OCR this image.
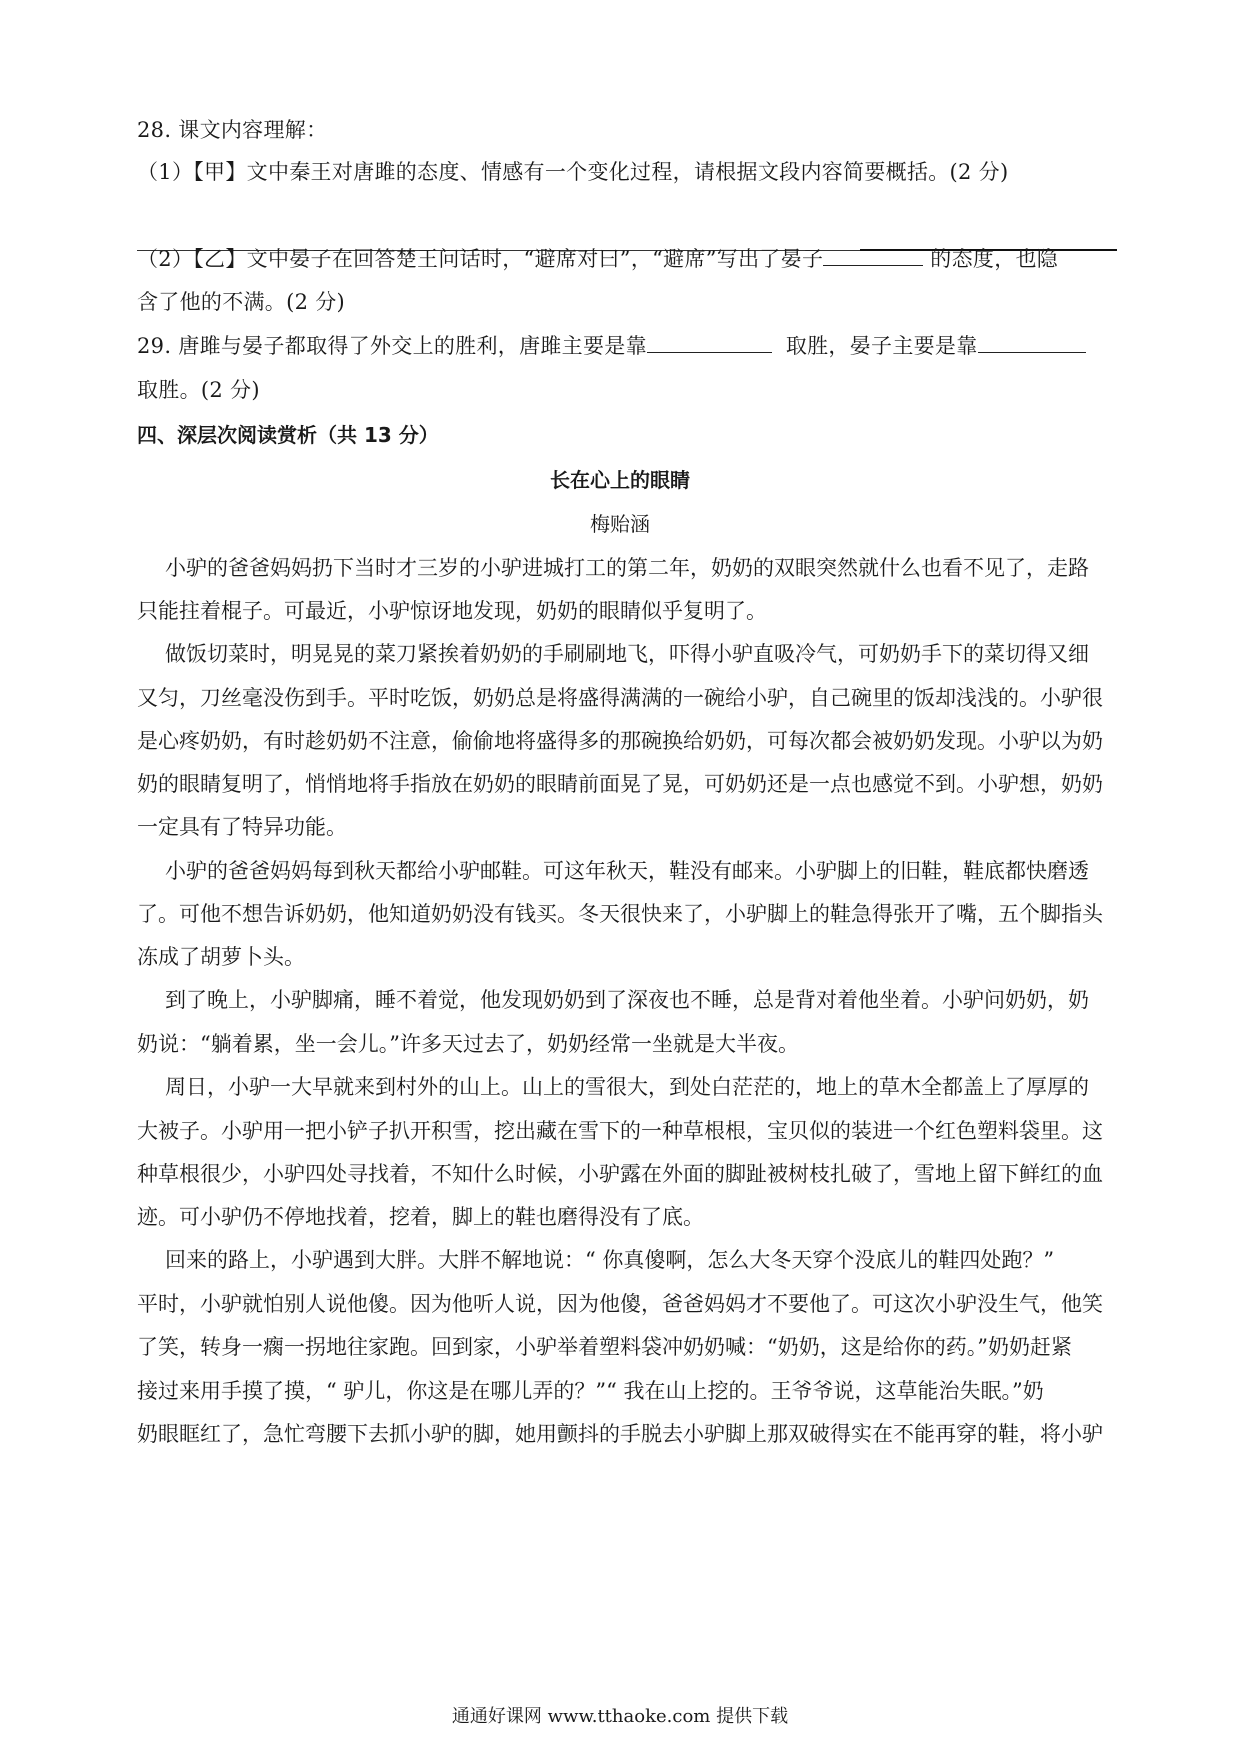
28. 课文内容理解：
（1）【甲】文中秦王对唐雎的态度、情感有一个变化过程，请根据文段内容简要概括。(2 分)
（2）【乙】文中晏子在回答楚王问话时，“避席对曰”，“避席”写出了晏子	的态度，也隐
含了他的不满。(2 分)
29. 唐雎与晏子都取得了外交上的胜利，唐雎主要是靠	取胜，晏子主要是靠
取胜。(2 分)
四、深层次阅读赏析（共 13 分）
长在心上的眼睛
梅贻涵
小驴的爸爸妈妈扔下当时才三岁的小驴进城打工的第二年，奶奶的双眼突然就什么也看不见了，走路
只能拄着棍子。可最近，小驴惊讶地发现，奶奶的眼睛似乎复明了。
做饭切菜时，明晃晃的菜刀紧挨着奶奶的手刷刷地飞，吓得小驴直吸冷气，可奶奶手下的菜切得又细
又匀，刀丝毫没伤到手。平时吃饭，奶奶总是将盛得满满的一碗给小驴，自己碗里的饭却浅浅的。小驴很
是心疼奶奶，有时趁奶奶不注意，偷偷地将盛得多的那碗换给奶奶，可每次都会被奶奶发现。小驴以为奶
奶的眼睛复明了，悄悄地将手指放在奶奶的眼睛前面晃了晃，可奶奶还是一点也感觉不到。小驴想，奶奶
一定具有了特异功能。
小驴的爸爸妈妈每到秋天都给小驴邮鞋。可这年秋天，鞋没有邮来。小驴脚上的旧鞋，鞋底都快磨透
了。可他不想告诉奶奶，他知道奶奶没有钱买。冬天很快来了，小驴脚上的鞋急得张开了嘴，五个脚指头
冻成了胡萝卜头。
到了晚上，小驴脚痛，睡不着觉，他发现奶奶到了深夜也不睡，总是背对着他坐着。小驴问奶奶，奶
奶说：“躺着累，坐一会儿。”许多天过去了，奶奶经常一坐就是大半夜。
周日，小驴一大早就来到村外的山上。山上的雪很大，到处白茫茫的，地上的草木全都盖上了厚厚的
大被子。小驴用一把小铲子扒开积雪，挖出藏在雪下的一种草根根，宝贝似的装进一个红色塑料袋里。这
种草根很少，小驴四处寻找着，不知什么时候，小驴露在外面的脚趾被树枝扎破了，雪地上留下鲜红的血
迹。可小驴仍不停地找着，挖着，脚上的鞋也磨得没有了底。
回来的路上，小驴遇到大胖。大胖不解地说：“ 你真傻啊，怎么大冬天穿个没底儿的鞋四处跑？”
平时，小驴就怕别人说他傻。因为他听人说，因为他傻，爸爸妈妈才不要他了。可这次小驴没生气，他笑
了笑，转身一瘸一拐地往家跑。回到家，小驴举着塑料袋冲奶奶喊：“奶奶，这是给你的药。”奶奶赶紧
接过来用手摸了摸，“ 驴儿，你这是在哪儿弄的？”“ 我在山上挖的。王爷爷说，这草能治失眠。”奶
奶眼眶红了，急忙弯腰下去抓小驴的脚，她用颤抖的手脱去小驴脚上那双破得实在不能再穿的鞋，将小驴
通通好课网 www.tthaoke.com 提供下载
